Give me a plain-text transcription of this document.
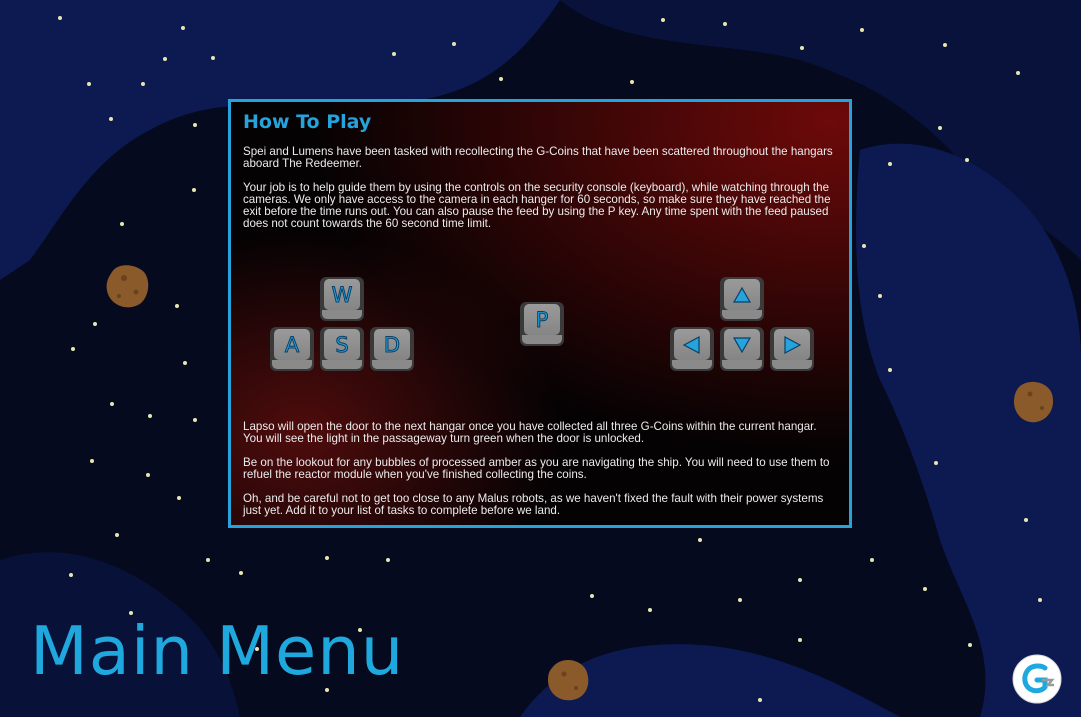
How To Play

Spei and Lumens have been tasked with recollecting the G-Coins that have been scattered throughout the hangars aboard The Redeemer.

Your job is to help guide them by using the controls on the security console (keyboard), while watching through the cameras. We only have access to the camera in each hanger for 60 seconds, so make sure they have reached the exit before the time runs out. You can also pause the feed by using the P key. Any time spent with the feed paused does not count towards the 60 second time limit.

W
A	S	D
P

Lapso will open the door to the next hangar once you have collected all three G-Coins within the current hangar. You will see the light in the passageway turn green when the door is unlocked.

Be on the lookout for any bubbles of processed amber as you are navigating the ship. You will need to use them to refuel the reactor module when you've finished collecting the coins.

Oh, and be careful not to get too close to any Malus robots, as we haven't fixed the fault with their power systems just yet. Add it to your list of tasks to complete before we land.

Main Menu
